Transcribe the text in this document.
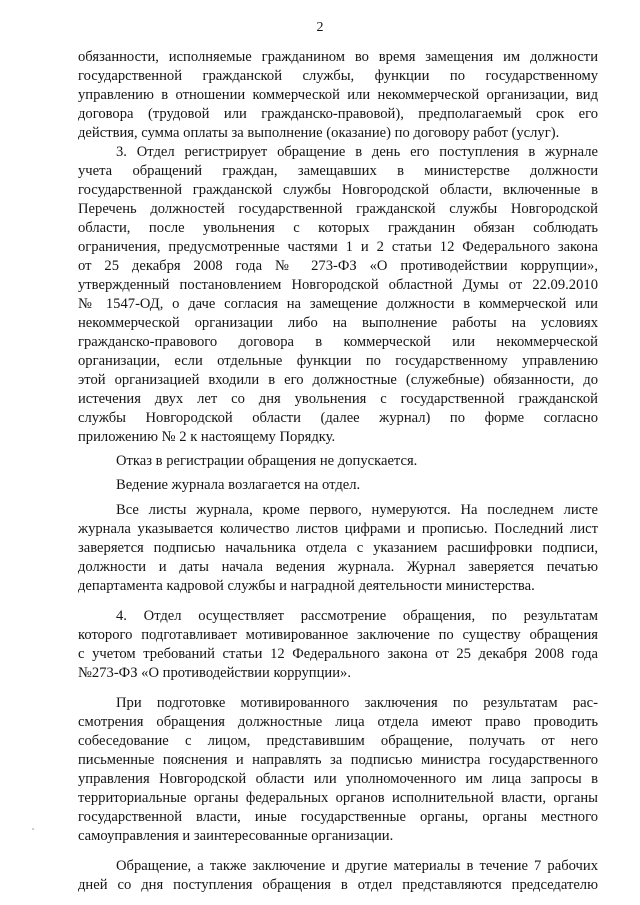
2
обязанности, исполняемые гражданином во время замещения им должности
государственной гражданской службы, функции по государственному
управлению в отношении коммерческой или некоммерческой организации, вид
договора (трудовой или гражданско-правовой), предполагаемый срок его
действия, сумма оплаты за выполнение (оказание) по договору работ (услуг).
3. Отдел регистрирует обращение в день его поступления в журнале
учета обращений граждан, замещавших в министерстве должности
государственной гражданской службы Новгородской области, включенные в
Перечень должностей государственной гражданской службы Новгородской
области, после увольнения с которых гражданин обязан соблюдать
ограничения, предусмотренные частями 1 и 2 статьи 12 Федерального закона
от 25 декабря 2008 года № 273-ФЗ «О противодействии коррупции»,
утвержденный постановлением Новгородской областной Думы от 22.09.2010
№ 1547-ОД, о даче согласия на замещение должности в коммерческой или
некоммерческой организации либо на выполнение работы на условиях
гражданско-правового договора в коммерческой или некоммерческой
организации, если отдельные функции по государственному управлению
этой организацией входили в его должностные (служебные) обязанности, до
истечения двух лет со дня увольнения с государственной гражданской
службы Новгородской области (далее журнал) по форме согласно
приложению № 2 к настоящему Порядку.
Отказ в регистрации обращения не допускается.
Ведение журнала возлагается на отдел.
Все листы журнала, кроме первого, нумеруются. На последнем листе
журнала указывается количество листов цифрами и прописью. Последний лист
заверяется подписью начальника отдела с указанием расшифровки подписи,
должности и даты начала ведения журнала. Журнал заверяется печатью
департамента кадровой службы и наградной деятельности министерства.
4. Отдел осуществляет рассмотрение обращения, по результатам
которого подготавливает мотивированное заключение по существу обращения
с учетом требований статьи 12 Федерального закона от 25 декабря 2008 года
№273-ФЗ «О противодействии коррупции».
При подготовке мотивированного заключения по результатам рас-
смотрения обращения должностные лица отдела имеют право проводить
собеседование с лицом, представившим обращение, получать от него
письменные пояснения и направлять за подписью министра государственного
управления Новгородской области или уполномоченного им лица запросы в
территориальные органы федеральных органов исполнительной власти, органы
государственной власти, иные государственные органы, органы местного
самоуправления и заинтересованные организации.
Обращение, а также заключение и другие материалы в течение 7 рабочих
дней со дня поступления обращения в отдел представляются председателю
